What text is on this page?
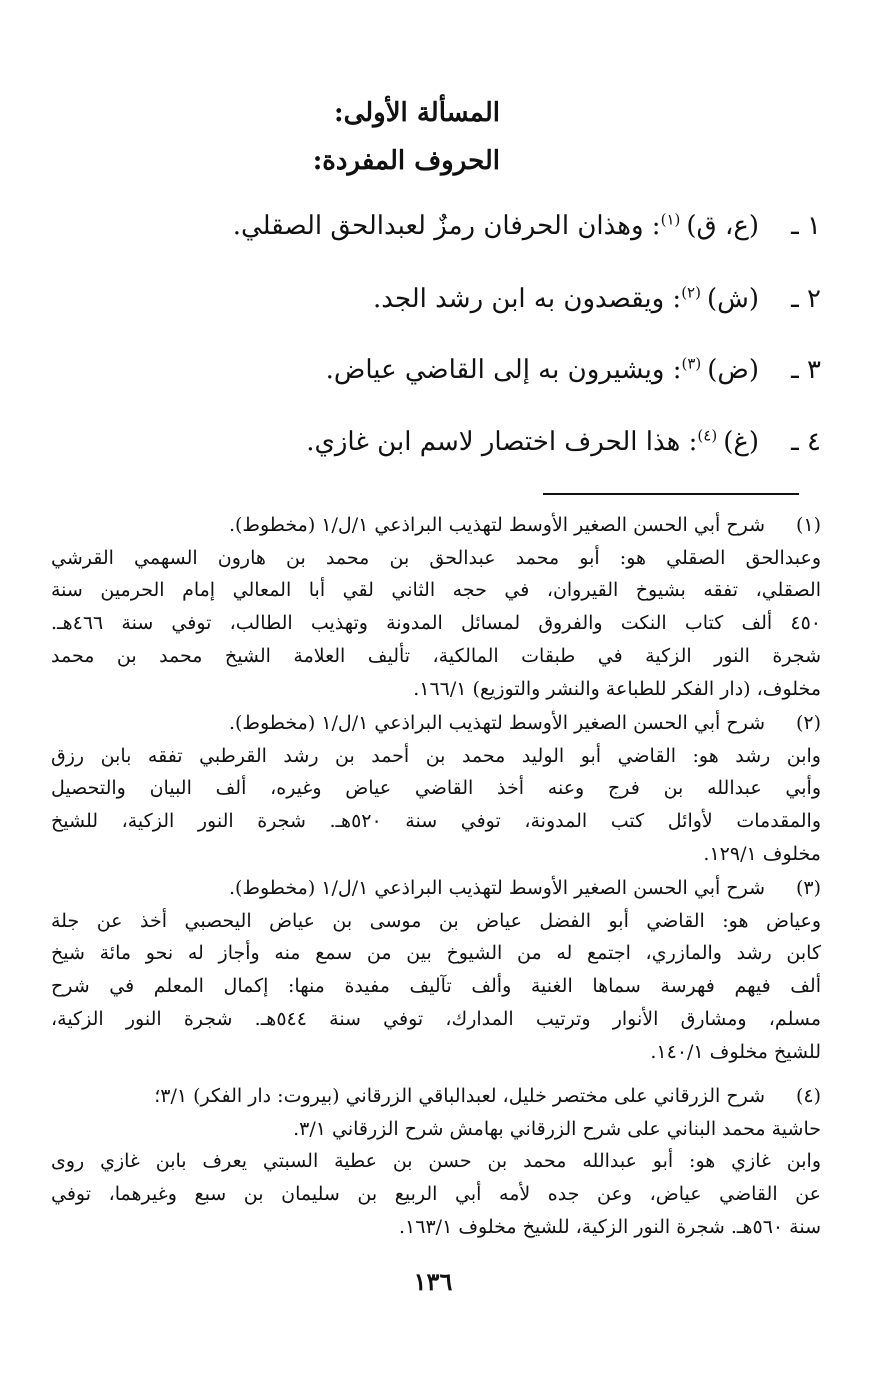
المسألة الأولى:
الحروف المفردة:
١ ـ(ع، ق)$^{(١)}$: وهذان الحرفان رمزٌ لعبدالحق الصقلي.
٢ ـ(ش)$^{(٢)}$: ويقصدون به ابن رشد الجد.
٣ ـ(ض)$^{(٣)}$: ويشيرون به إلى القاضي عياض.
٤ ـ(غ)$^{(٤)}$: هذا الحرف اختصار لاسم ابن غازي.
(١)
شرح أبي الحسن الصغير الأوسط لتهذيب البراذعي ١/ل/١ (مخطوط).
وعبدالحق الصقلي هو: أبو محمد عبدالحق بن محمد بن هارون السهمي القرشي
الصقلي، تفقه بشيوخ القيروان، في حجه الثاني لقي أبا المعالي إمام الحرمين سنة
٤٥٠ ألف كتاب النكت والفروق لمسائل المدونة وتهذيب الطالب، توفي سنة ٤٦٦هـ.
شجرة النور الزكية في طبقات المالكية، تأليف العلامة الشيخ محمد بن محمد
مخلوف، (دار الفكر للطباعة والنشر والتوزيع) ١٦٦/١.
(٢)
شرح أبي الحسن الصغير الأوسط لتهذيب البراذعي ١/ل/١ (مخطوط).
وابن رشد هو: القاضي أبو الوليد محمد بن أحمد بن رشد القرطبي تفقه بابن رزق
وأبي عبدالله بن فرج وعنه أخذ القاضي عياض وغيره، ألف البيان والتحصيل
والمقدمات لأوائل كتب المدونة، توفي سنة ٥٢٠هـ. شجرة النور الزكية، للشيخ
مخلوف ١٢٩/١.
(٣)
شرح أبي الحسن الصغير الأوسط لتهذيب البراذعي ١/ل/١ (مخطوط).
وعياض هو: القاضي أبو الفضل عياض بن موسى بن عياض اليحصبي أخذ عن جلة
كابن رشد والمازري، اجتمع له من الشيوخ بين من سمع منه وأجاز له نحو مائة شيخ
ألف فيهم فهرسة سماها الغنية وألف تآليف مفيدة منها: إكمال المعلم في شرح
مسلم، ومشارق الأنوار وترتيب المدارك، توفي سنة ٥٤٤هـ. شجرة النور الزكية،
للشيخ مخلوف ١٤٠/١.
(٤)
شرح الزرقاني على مختصر خليل، لعبدالباقي الزرقاني (بيروت: دار الفكر) ٣/١؛
حاشية محمد البناني على شرح الزرقاني بهامش شرح الزرقاني ٣/١.
وابن غازي هو: أبو عبدالله محمد بن حسن بن عطية السبتي يعرف بابن غازي روى
عن القاضي عياض، وعن جده لأمه أبي الربيع بن سليمان بن سبع وغيرهما، توفي
سنة ٥٦٠هـ. شجرة النور الزكية، للشيخ مخلوف ١٦٣/١.
١٣٦
